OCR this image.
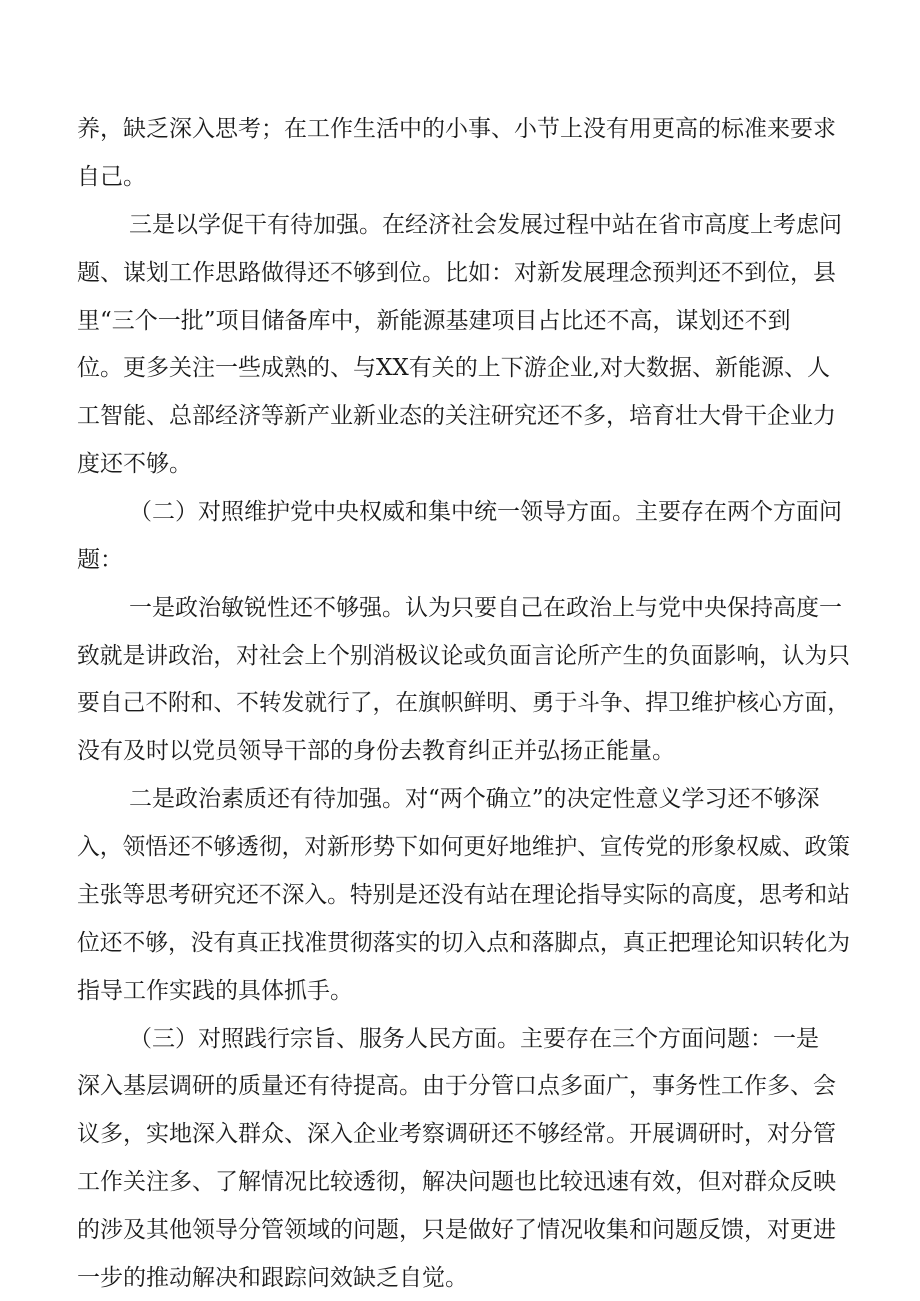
养，缺乏深入思考；在工作生活中的小事、小节上没有用更高的标准来要求
自己。
三是以学促干有待加强。在经济社会发展过程中站在省市高度上考虑问
题、谋划工作思路做得还不够到位。比如：对新发展理念预判还不到位，县
里“三个一批”项目储备库中，新能源基建项目占比还不高，谋划还不到
位。更多关注一些成熟的、与XX有关的上下游企业,对大数据、新能源、人
工智能、总部经济等新产业新业态的关注研究还不多，培育壮大骨干企业力
度还不够。
（二）对照维护党中央权威和集中统一领导方面。主要存在两个方面问
题：
一是政治敏锐性还不够强。认为只要自己在政治上与党中央保持高度一
致就是讲政治，对社会上个别消极议论或负面言论所产生的负面影响，认为只
要自己不附和、不转发就行了，在旗帜鲜明、勇于斗争、捍卫维护核心方面，
没有及时以党员领导干部的身份去教育纠正并弘扬正能量。
二是政治素质还有待加强。对“两个确立”的决定性意义学习还不够深
入，领悟还不够透彻，对新形势下如何更好地维护、宣传党的形象权威、政策
主张等思考研究还不深入。特别是还没有站在理论指导实际的高度，思考和站
位还不够，没有真正找准贯彻落实的切入点和落脚点，真正把理论知识转化为
指导工作实践的具体抓手。
（三）对照践行宗旨、服务人民方面。主要存在三个方面问题：一是
深入基层调研的质量还有待提高。由于分管口点多面广，事务性工作多、会
议多，实地深入群众、深入企业考察调研还不够经常。开展调研时，对分管
工作关注多、了解情况比较透彻，解决问题也比较迅速有效，但对群众反映
的涉及其他领导分管领域的问题，只是做好了情况收集和问题反馈，对更进
一步的推动解决和跟踪问效缺乏自觉。
